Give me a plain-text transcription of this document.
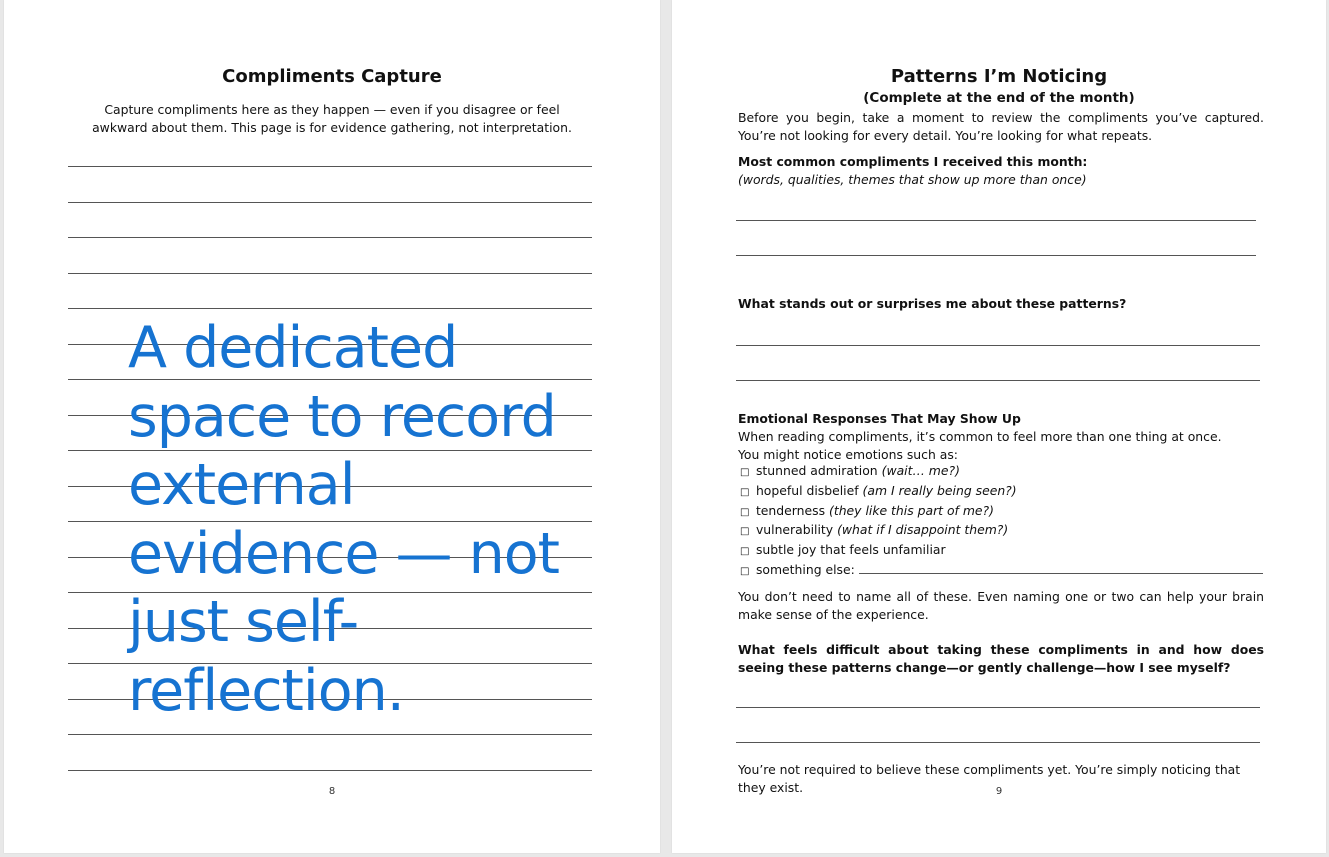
Compliments Capture
Capture compliments here as they happen — even if you disagree or feel awkward about them. This page is for evidence gathering, not interpretation.
A dedicated space to record external evidence — not just self-reflection.
8
Patterns I’m Noticing
(Complete at the end of the month)
Before you begin, take a moment to review the compliments you’ve captured. You’re not looking for every detail. You’re looking for what repeats.
Most common compliments I received this month:
(words, qualities, themes that show up more than once)
What stands out or surprises me about these patterns?
Emotional Responses That May Show Up
When reading compliments, it’s common to feel more than one thing at once.
You might notice emotions such as:
□ stunned admiration (wait… me?)
□ hopeful disbelief (am I really being seen?)
□ tenderness (they like this part of me?)
□ vulnerability (what if I disappoint them?)
□ subtle joy that feels unfamiliar
□ something else:
You don’t need to name all of these. Even naming one or two can help your brain make sense of the experience.
What feels difficult about taking these compliments in and how does seeing these patterns change—or gently challenge—how I see myself?
You’re not required to believe these compliments yet. You’re simply noticing that they exist.	9
